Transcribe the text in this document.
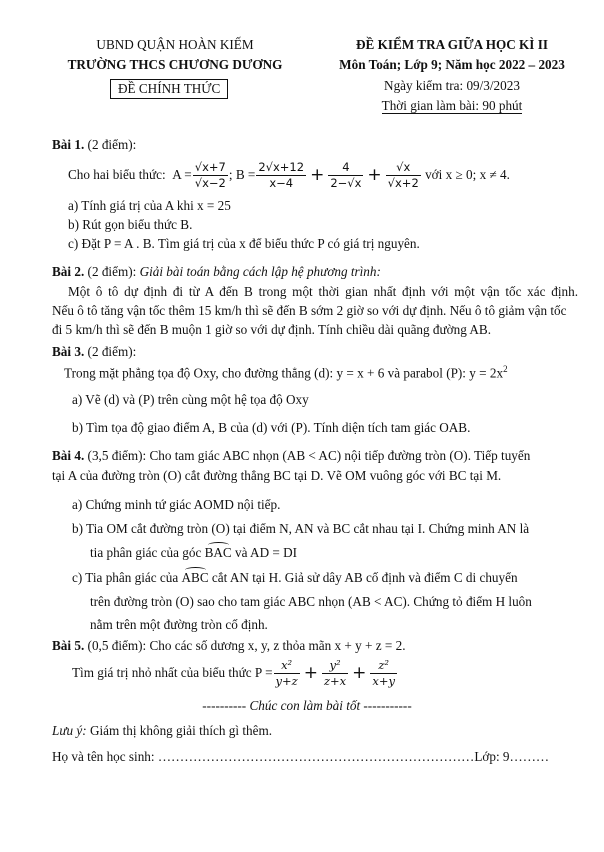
UBND QUẬN HOÀN KIẾM
TRƯỜNG THCS CHƯƠNG DƯƠNG
ĐỀ CHÍNH THỨC
ĐỀ KIỂM TRA GIỮA HỌC KÌ II
Môn Toán; Lớp 9; Năm học 2022 – 2023
Ngày kiểm tra: 09/3/2023
Thời gian làm bài: 90 phút
Bài 1. (2 điểm):
Cho hai biểu thức:
$A = \frac{√x+7}{√x-2}$ ;
$B = \frac{2√x+12}{x-4} + \frac{4}{2-√x} + \frac{√x}{√x+2}$
với x ≥ 0; x ≠ 4.
a) Tính giá trị của A khi x = 25
b) Rút gọn biểu thức B.
c) Đặt P = A . B. Tìm giá trị của x để biểu thức P có giá trị nguyên.
Bài 2. (2 điểm): Giải bài toán bằng cách lập hệ phương trình:
Một ô tô dự định đi từ A đến B trong một thời gian nhất định với một vận tốc xác định.
Nếu ô tô tăng vận tốc thêm 15 km/h thì sẽ đến B sớm 2 giờ so với dự định. Nếu ô tô giảm vận tốc
đi 5 km/h thì sẽ đến B muộn 1 giờ so với dự định. Tính chiều dài quãng đường AB.
Bài 3. (2 điểm):
Trong mặt phẳng tọa độ Oxy, cho đường thẳng (d): y = x + 6 và parabol (P): $y = 2x^2$
a) Vẽ (d) và (P) trên cùng một hệ tọa độ Oxy
b) Tìm tọa độ giao điểm A, B của (d) với (P). Tính diện tích tam giác OAB.
Bài 4. (3,5 điểm): Cho tam giác ABC nhọn (AB < AC) nội tiếp đường tròn (O). Tiếp tuyến
tại A của đường tròn (O) cắt đường thẳng BC tại D. Vẽ OM vuông góc với BC tại M.
a) Chứng minh tứ giác AOMD nội tiếp.
b) Tia OM cắt đường tròn (O) tại điểm N, AN và BC cắt nhau tại I. Chứng minh AN là
tia phân giác của góc BAC và AD = DI
c) Tia phân giác của ABC cắt AN tại H. Giả sử dây AB cố định và điểm C di chuyển
trên đường tròn (O) sao cho tam giác ABC nhọn (AB < AC). Chứng tỏ điểm H luôn
nằm trên một đường tròn cố định.
Bài 5. (0,5 điểm): Cho các số dương x, y, z thỏa mãn x + y + z = 2.
Tìm giá trị nhỏ nhất của biểu thức $P = \frac{\text{x²}}{y+z} + \frac{\text{y²}}{z+x} + \frac{\text{z²}}{x+y}$
---------- Chúc con làm bài tốt -----------
Lưu ý: Giám thị không giải thích gì thêm.
Họ và tên học sinh: ………………………………………………………………Lớp: 9………
